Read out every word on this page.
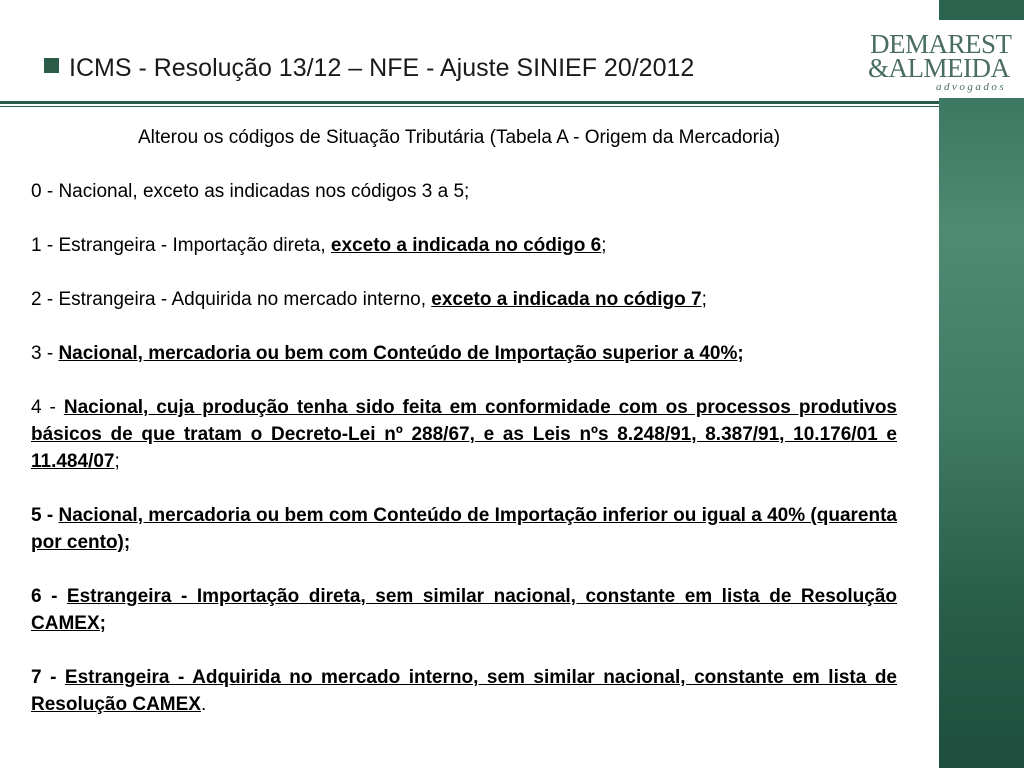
DEMAREST
&ALMEIDA
advogados
ICMS - Resolução 13/12 – NFE - Ajuste SINIEF 20/2012

Alterou os códigos de Situação Tributária (Tabela A - Origem da Mercadoria)

0 - Nacional, exceto as indicadas nos códigos 3 a 5;

1 - Estrangeira - Importação direta, exceto a indicada no código 6;

2 - Estrangeira - Adquirida no mercado interno, exceto a indicada no código 7;

3 - Nacional, mercadoria ou bem com Conteúdo de Importação superior a 40%;

4 - Nacional, cuja produção tenha sido feita em conformidade com os processos produtivos básicos de que tratam o Decreto-Lei nº 288/67, e as Leis nºs 8.248/91, 8.387/91, 10.176/01 e 11.484/07;

5 - Nacional, mercadoria ou bem com Conteúdo de Importação inferior ou igual a 40% (quarenta por cento);

6 - Estrangeira - Importação direta, sem similar nacional, constante em lista de Resolução CAMEX;

7 - Estrangeira - Adquirida no mercado interno, sem similar nacional, constante em lista de Resolução CAMEX.
